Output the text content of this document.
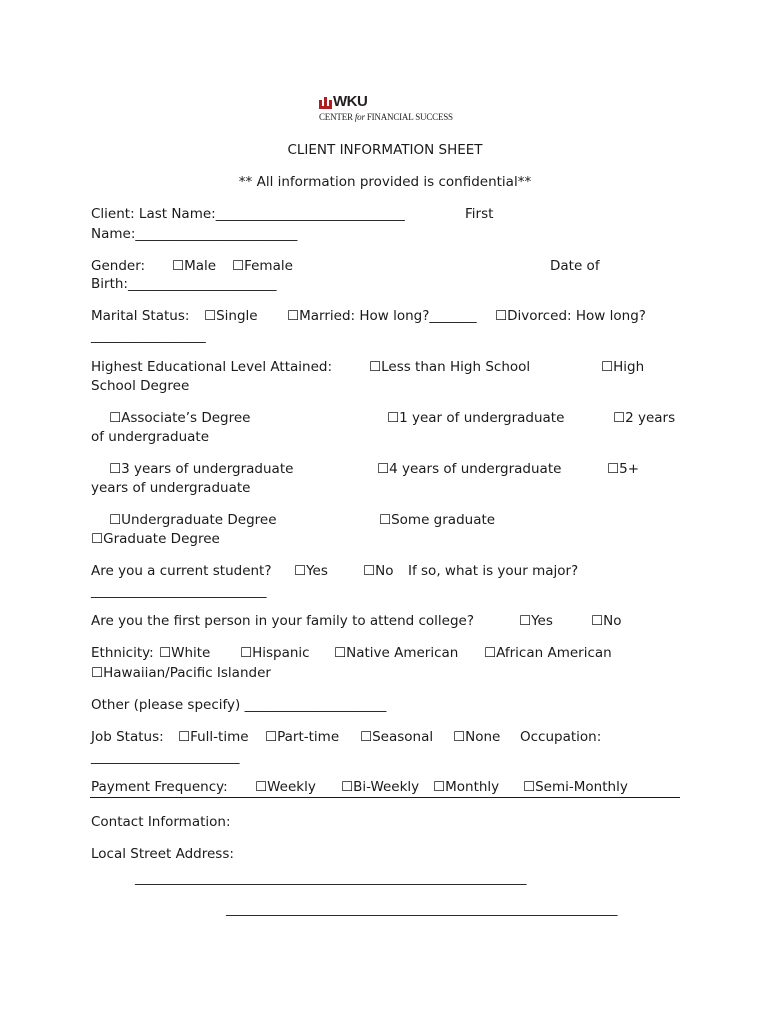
WKU
CENTER for FINANCIAL SUCCESS
CLIENT INFORMATION SHEET
** All information provided is confidential**
Client: Last Name:____________________________	First
Name:________________________
Gender: ☐Male ☐Female	Date of
Birth:______________________
Marital Status: ☐Single ☐Married: How long?_______ ☐Divorced: How long?
_________________
Highest Educational Level Attained:	☐Less than High School	☐High
School Degree
☐Associate’s Degree	☐1 year of undergraduate	☐2 years
of undergraduate
☐3 years of undergraduate	☐4 years of undergraduate	☐5+
years of undergraduate
☐Undergraduate Degree	☐Some graduate
☐Graduate Degree
Are you a current student? ☐Yes	☐No If so, what is your major?
__________________________
Are you the first person in your family to attend college?	☐Yes	☐No
Ethnicity: ☐White ☐Hispanic ☐Native American ☐African American
☐Hawaiian/Pacific Islander
Other (please specify) _____________________
Job Status: ☐Full-time ☐Part-time ☐Seasonal ☐None Occupation:
______________________
Payment Frequency: ☐Weekly ☐Bi-Weekly ☐Monthly ☐Semi-Monthly
Contact Information:
Local Street Address:
__________________________________________________________
__________________________________________________________
